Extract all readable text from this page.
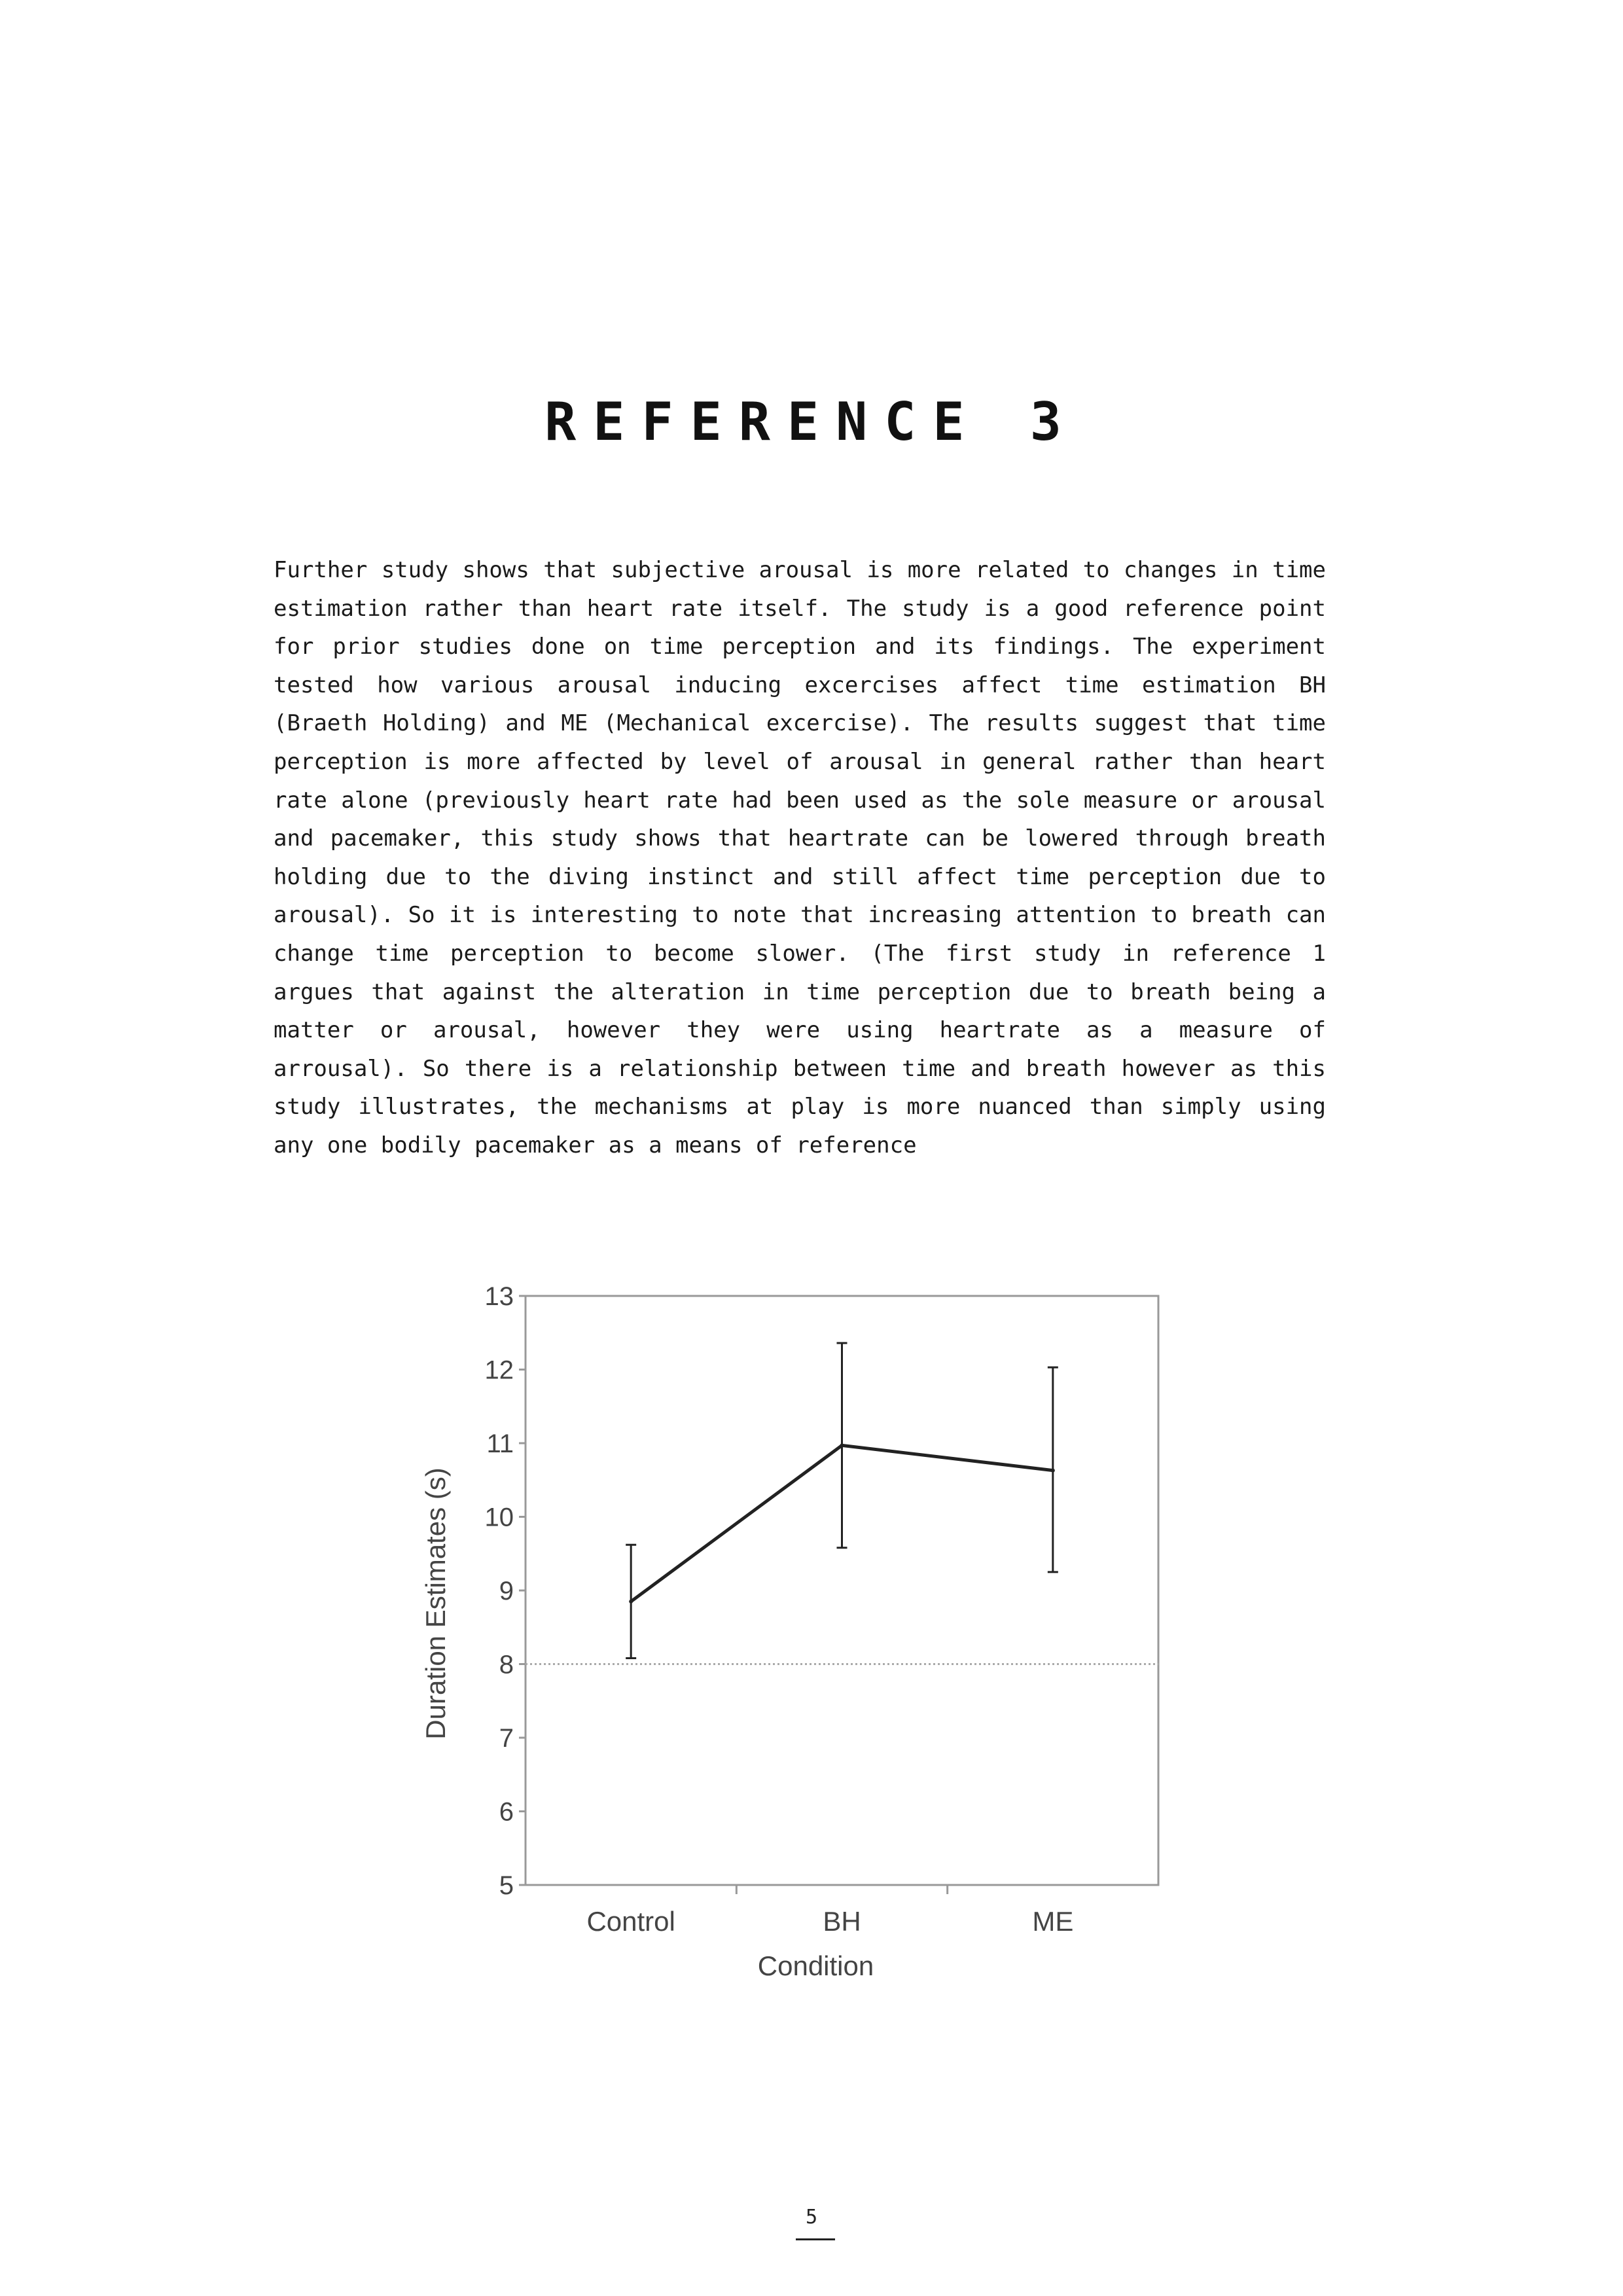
REFERENCE 3

Further study shows that subjective arousal is more related to changes in time estimation rather than heart rate itself. The study is a good reference point for prior studies done on time perception and its findings. The experiment tested how various arousal inducing excercises affect time estimation BH (Braeth Holding) and ME (Mechanical excercise). The results suggest that time perception is more affected by level of arousal in general rather than heart rate alone (previously heart rate had been used as the sole measure or arousal and pacemaker, this study shows that heartrate can be lowered through breath holding due to the diving instinct and still affect time perception due to arousal). So it is interesting to note that increasing attention to breath can change time perception to become slower. (The first study in reference 1 argues that against the alteration in time perception due to breath being a matter or arousal, however they were using heartrate as a measure of arrousal). So there is a relationship between time and breath however as this study illustrates, the mechanisms at play is more nuanced than simply using any one bodily pacemaker as a means of reference

5
6
7
8
9
10
11
12
13
Control	BH	ME
Condition
Duration Estimates (s)
5
